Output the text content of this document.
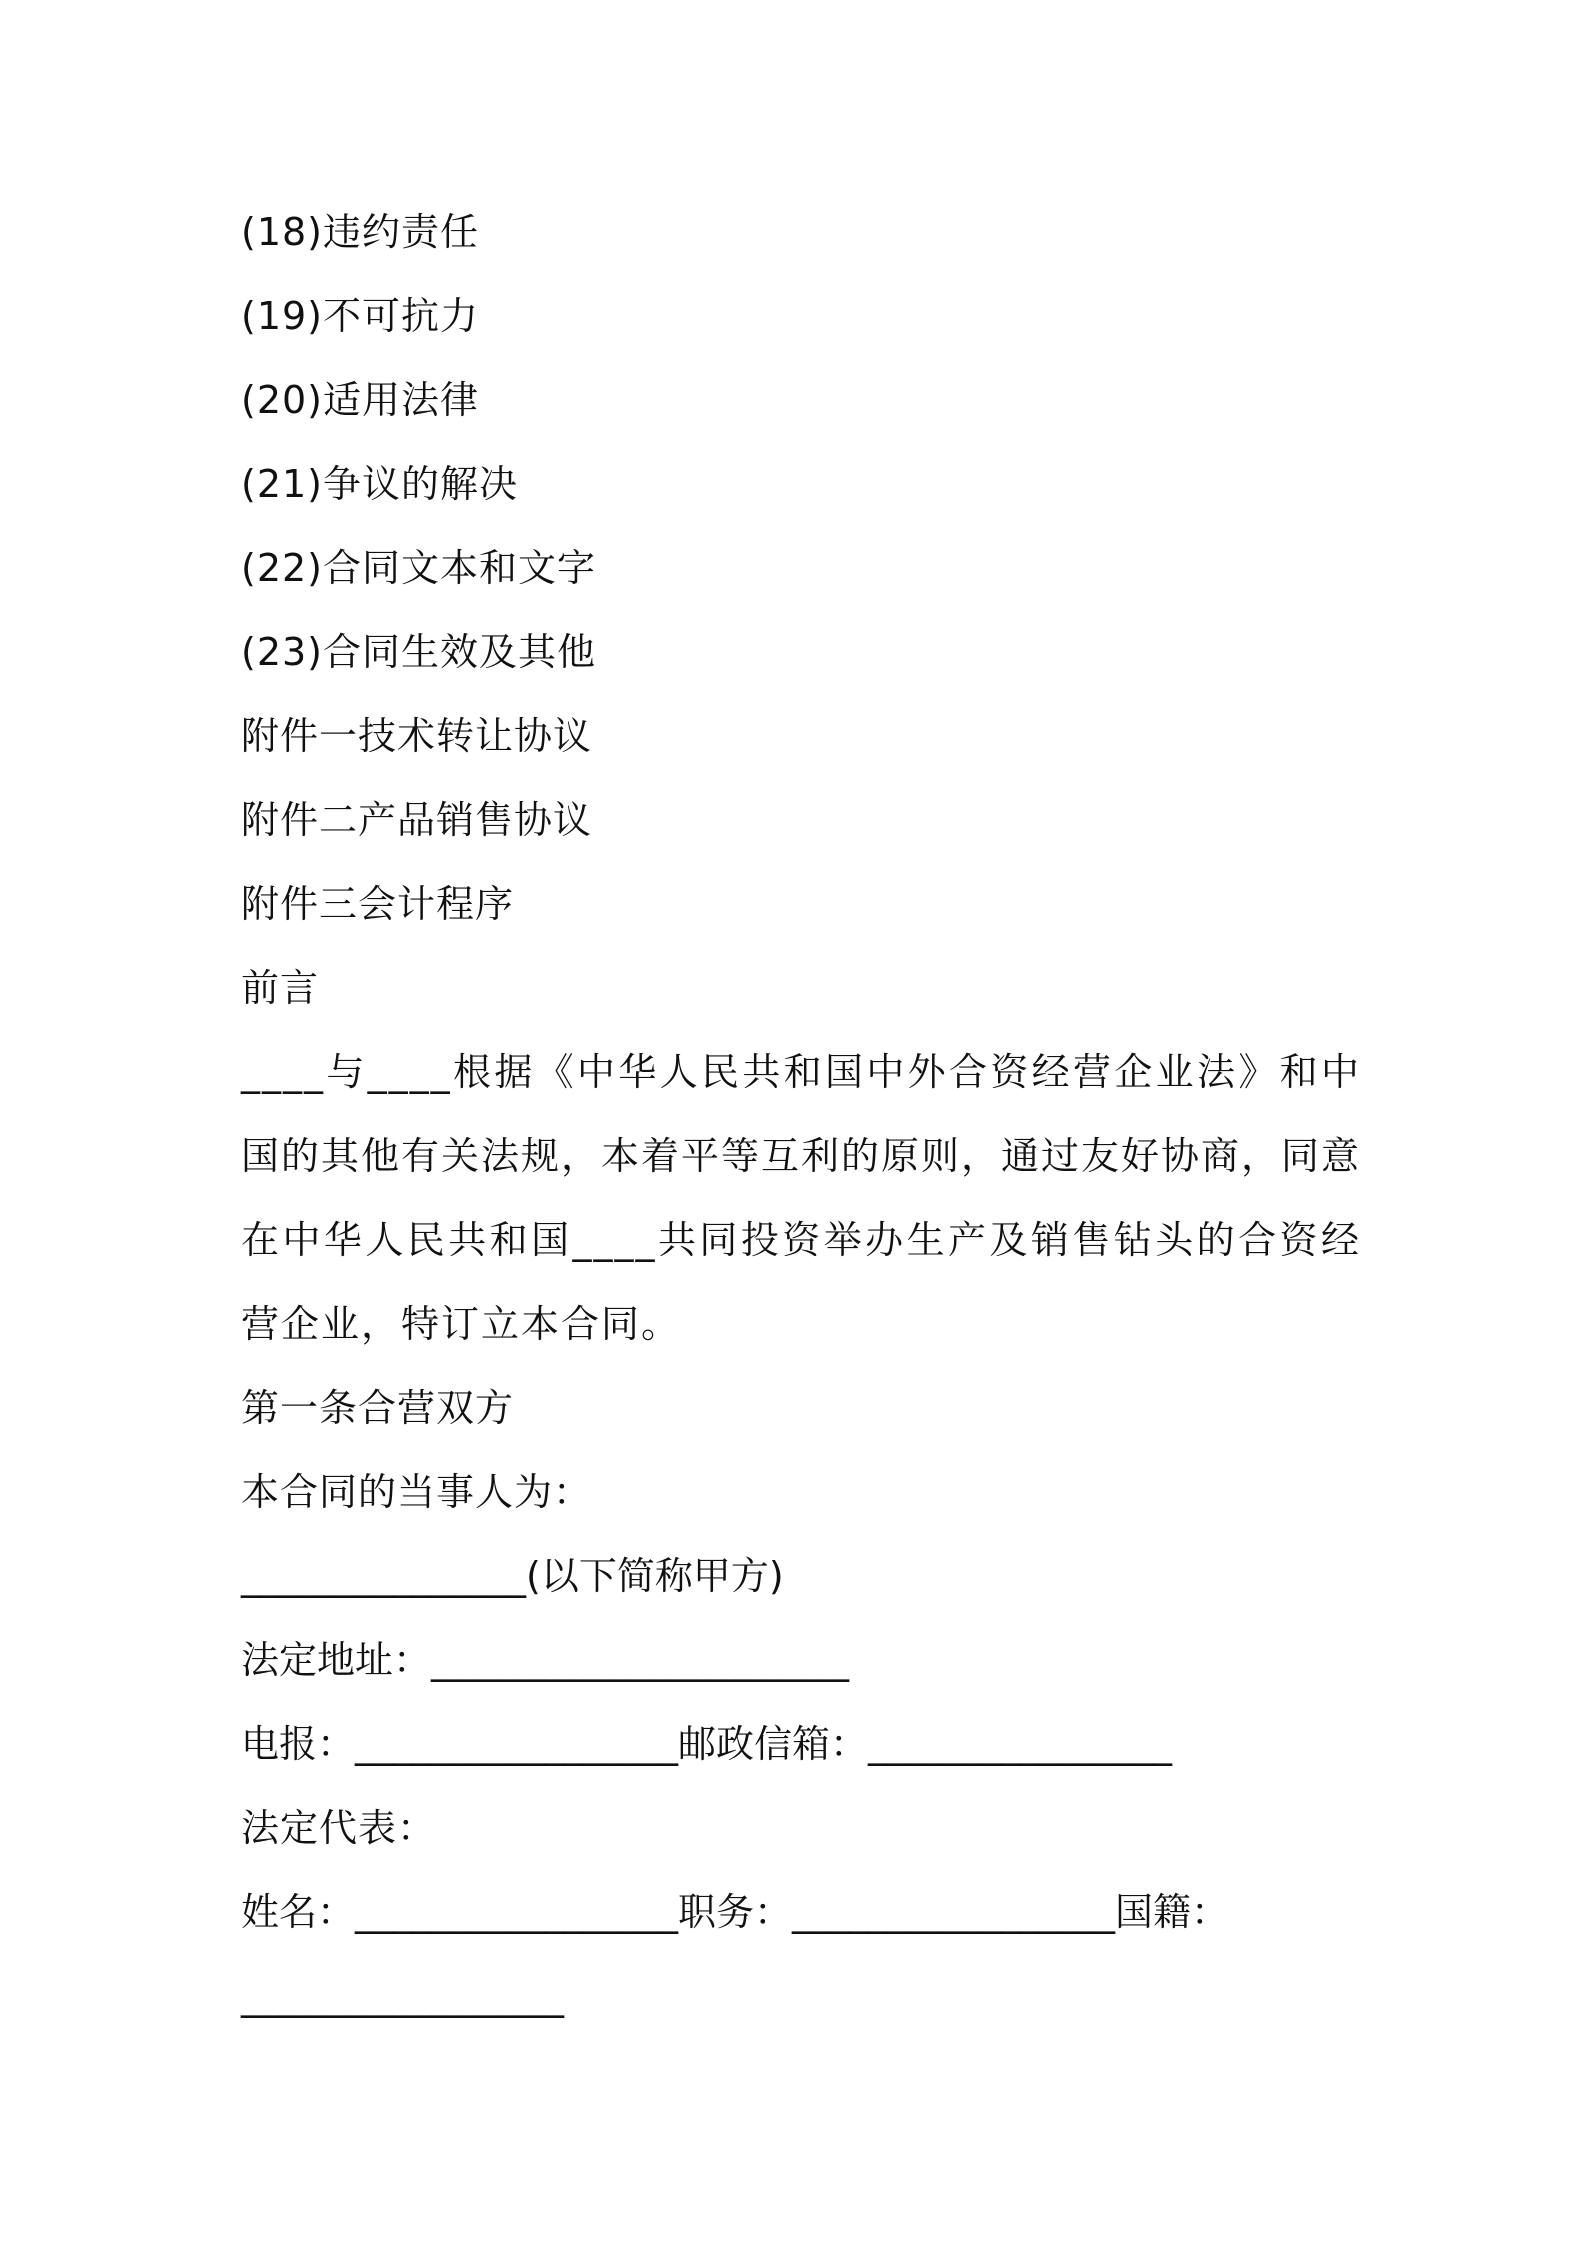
(18)违约责任
(19)不可抗力
(20)适用法律
(21)争议的解决
(22)合同文本和文字
(23)合同生效及其他
附件一技术转让协议
附件二产品销售协议
附件三会计程序
前言
____与____根据《中华人民共和国中外合资经营企业法》和中国的其他有关法规，本着平等互利的原则，通过友好协商，同意在中华人民共和国____共同投资举办生产及销售钻头的合资经营企业，特订立本合同。
第一条合营双方
本合同的当事人为：
_______________(以下简称甲方)
法定地址：______________________
电报：_________________邮政信箱：________________
法定代表：
姓名：_________________职务：_________________国籍：
_________________
